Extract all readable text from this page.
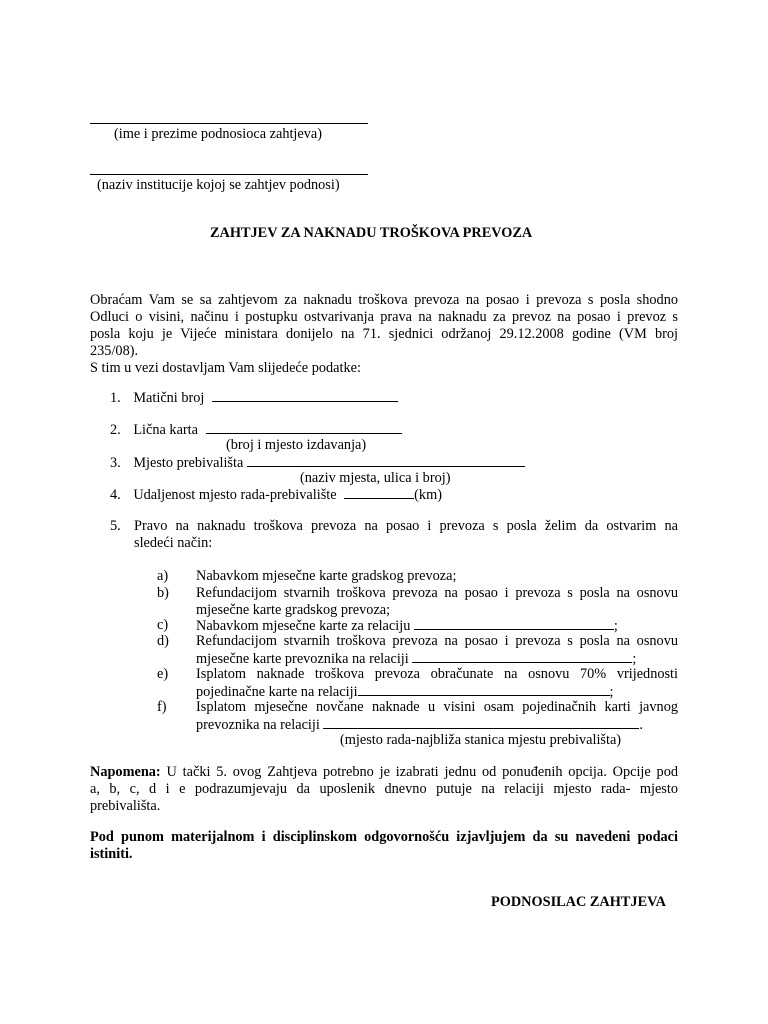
(ime i prezime podnosioca zahtjeva)
(naziv institucije kojoj se zahtjev podnosi)
ZAHTJEV ZA NAKNADU TROŠKOVA PREVOZA
Obraćam Vam se sa zahtjevom za naknadu troškova prevoza na posao i prevoza s posla shodno
Odluci o visini, načinu i postupku ostvarivanja prava na naknadu za prevoz na posao i prevoz s
posla koju je Vijeće ministara donijelo na 71. sjednici održanoj 29.12.2008 godine (VM broj
235/08).
S tim u vezi dostavljam Vam slijedeće podatke:
1. Matični broj
2. Lična karta
(broj i mjesto izdavanja)
3. Mjesto prebivališta
(naziv mjesta, ulica i broj)
4. Udaljenost mjesto rada-prebivalište	(km)
5. Pravo na naknadu troškova prevoza na posao i prevoza s posla želim da ostvarim na
sledeći način:
a) Nabavkom mjesečne karte gradskog prevoza;
b) Refundacijom stvarnih troškova prevoza na posao i prevoza s posla na osnovu
mjesečne karte gradskog prevoza;
c) Nabavkom mjesečne karte za relaciju	;
d) Refundacijom stvarnih troškova prevoza na posao i prevoza s posla na osnovu
mjesečne karte prevoznika na relaciji	;
e) Isplatom naknade troškova prevoza obračunate na osnovu 70% vrijednosti
pojedinačne karte na relaciji	;
f) Isplatom mjesečne novčane naknade u visini osam pojedinačnih karti javnog
prevoznika na relaciji	.
(mjesto rada-najbliža stanica mjestu prebivališta)
Napomena: U tački 5. ovog Zahtjeva potrebno je izabrati jednu od ponuđenih opcija. Opcije pod
a, b, c, d i e podrazumjevaju da uposlenik dnevno putuje na relaciji mjesto rada- mjesto
prebivališta.
Pod punom materijalnom i disciplinskom odgovornošću izjavljujem da su navedeni podaci
istiniti.
PODNOSILAC ZAHTJEVA
